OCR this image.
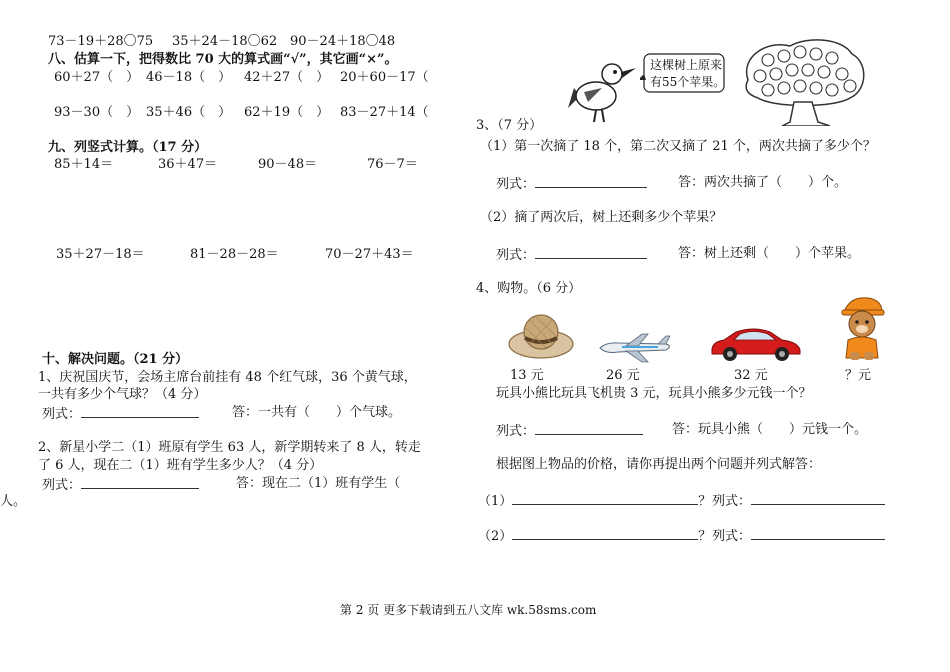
73－19＋28〇75 35＋24－18〇62 90－24＋18〇48
八、估算一下，把得数比 70 大的算式画“√”，其它画“×”。
60＋27（　） 46－18（　） 42＋27（　） 20＋60－17（
93－30（　） 35＋46（　） 62＋19（　） 83－27＋14（
九、列竖式计算。（17 分）
85＋14＝	36＋47＝	90－48＝	76－7＝
35＋27－18＝	81－28－28＝	70－27＋43＝
十、解决问题。（21 分）
1、庆祝国庆节，会场主席台前挂有 48 个红气球，36 个黄气球，
一共有多少个气球？（4 分）
列式：	答：一共有（　　）个气球。
2、新星小学二（1）班原有学生 63 人，新学期转来了 8 人，转走
了 6 人，现在二（1）班有学生多少人？（4 分）
列式：	答：现在二（1）班有学生（
人。
这棵树上原来
有55个苹果。
3、（7 分）
（1）第一次摘了 18 个，第二次又摘了 21 个，两次共摘了多少个？
列式：	答：两次共摘了（　　）个。
（2）摘了两次后，树上还剩多少个苹果？
列式：	答：树上还剩（　　）个苹果。
4、购物。（6 分）
13 元	26 元	32 元	？元
玩具小熊比玩具飞机贵 3 元，玩具小熊多少元钱一个？
列式：	答：玩具小熊（　　）元钱一个。
根据图上物品的价格，请你再提出两个问题并列式解答：
（1）	？ 列式：
（2）	？ 列式：
第 2 页 更多下载请到五八文库 wk.58sms.com
